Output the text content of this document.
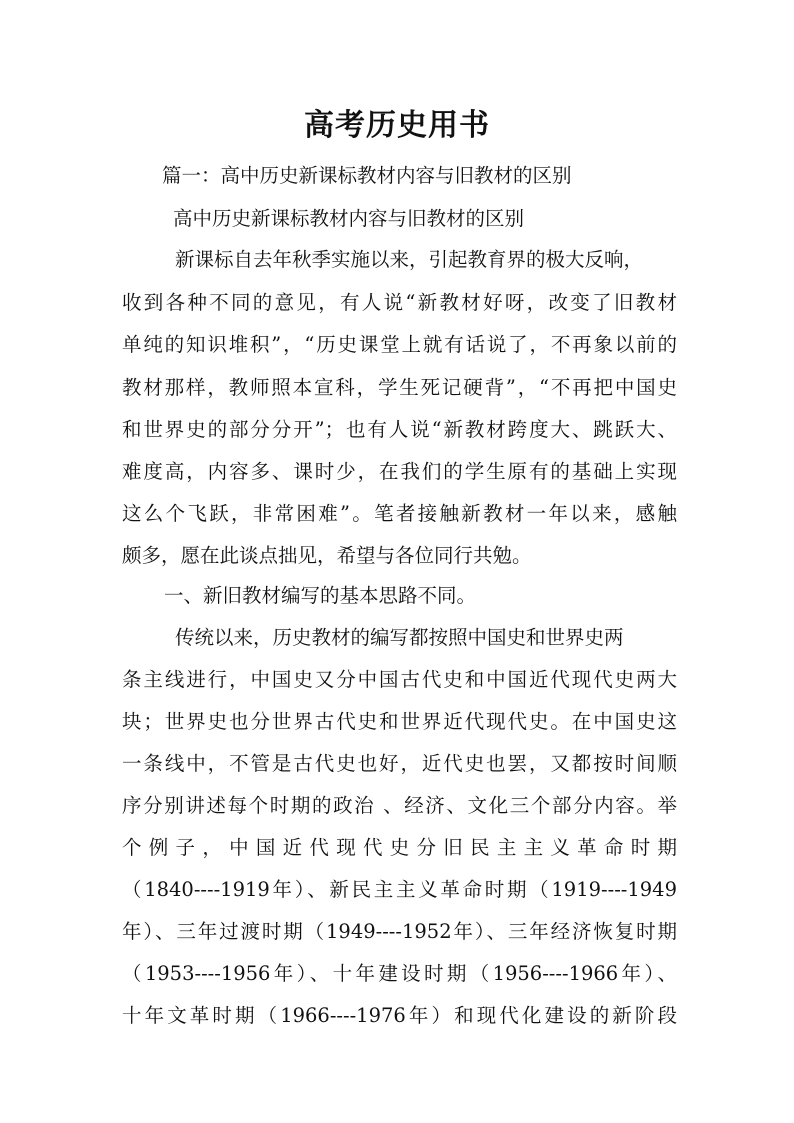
高考历史用书
篇一：高中历史新课标教材内容与旧教材的区别
高中历史新课标教材内容与旧教材的区别
新课标自去年秋季实施以来，引起教育界的极大反响，
收到各种不同的意见，有人说“新教材好呀，改变了旧教材
单纯的知识堆积”，“历史课堂上就有话说了，不再象以前的
教材那样，教师照本宣科，学生死记硬背”，“不再把中国史
和世界史的部分分开”；也有人说“新教材跨度大、跳跃大、
难度高，内容多、课时少，在我们的学生原有的基础上实现
这么个飞跃，非常困难”。笔者接触新教材一年以来，感触
颇多，愿在此谈点拙见，希望与各位同行共勉。
一、新旧教材编写的基本思路不同。
传统以来，历史教材的编写都按照中国史和世界史两
条主线进行，中国史又分中国古代史和中国近代现代史两大
块；世界史也分世界古代史和世界近代现代史。在中国史这
一条线中，不管是古代史也好，近代史也罢，又都按时间顺
序分别讲述每个时期的政治 、经济、文化三个部分内容。举
个例子，中国近代现代史分旧民主主义革命时期
（1840----1919年）、新民主主义革命时期（1919----1949
年）、三年过渡时期（1949----1952年）、三年经济恢复时期
（1953----1956年）、十年建设时期（1956----1966年）、
十年文革时期（1966----1976年）和现代化建设的新阶段
